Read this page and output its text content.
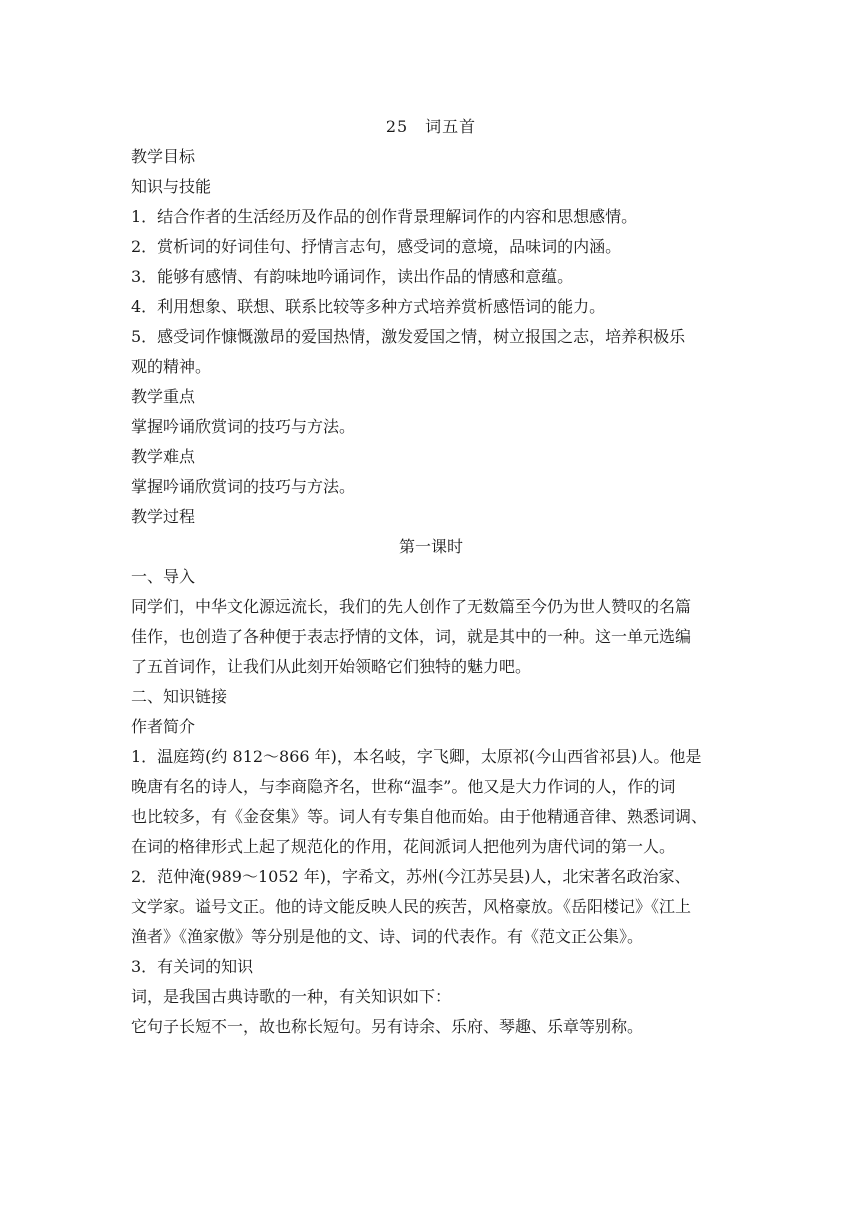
25　词五首
教学目标
知识与技能
1．结合作者的生活经历及作品的创作背景理解词作的内容和思想感情。
2．赏析词的好词佳句、抒情言志句，感受词的意境，品味词的内涵。
3．能够有感情、有韵味地吟诵词作，读出作品的情感和意蕴。
4．利用想象、联想、联系比较等多种方式培养赏析感悟词的能力。
5．感受词作慷慨激昂的爱国热情，激发爱国之情，树立报国之志，培养积极乐
观的精神。
教学重点
掌握吟诵欣赏词的技巧与方法。
教学难点
掌握吟诵欣赏词的技巧与方法。
教学过程
第一课时
一、导入
同学们，中华文化源远流长，我们的先人创作了无数篇至今仍为世人赞叹的名篇
佳作，也创造了各种便于表志抒情的文体，词，就是其中的一种。这一单元选编
了五首词作，让我们从此刻开始领略它们独特的魅力吧。
二、知识链接
作者简介
1．温庭筠(约 812～866 年)，本名岐，字飞卿，太原祁(今山西省祁县)人。他是
晚唐有名的诗人，与李商隐齐名，世称“温李”。他又是大力作词的人，作的词
也比较多，有《金奁集》等。词人有专集自他而始。由于他精通音律、熟悉词调、
在词的格律形式上起了规范化的作用，花间派词人把他列为唐代词的第一人。
2．范仲淹(989～1052 年)，字希文，苏州(今江苏吴县)人，北宋著名政治家、
文学家。谥号文正。他的诗文能反映人民的疾苦，风格豪放。《岳阳楼记》《江上
渔者》《渔家傲》等分别是他的文、诗、词的代表作。有《范文正公集》。
3．有关词的知识
词，是我国古典诗歌的一种，有关知识如下：
它句子长短不一，故也称长短句。另有诗余、乐府、琴趣、乐章等别称。
